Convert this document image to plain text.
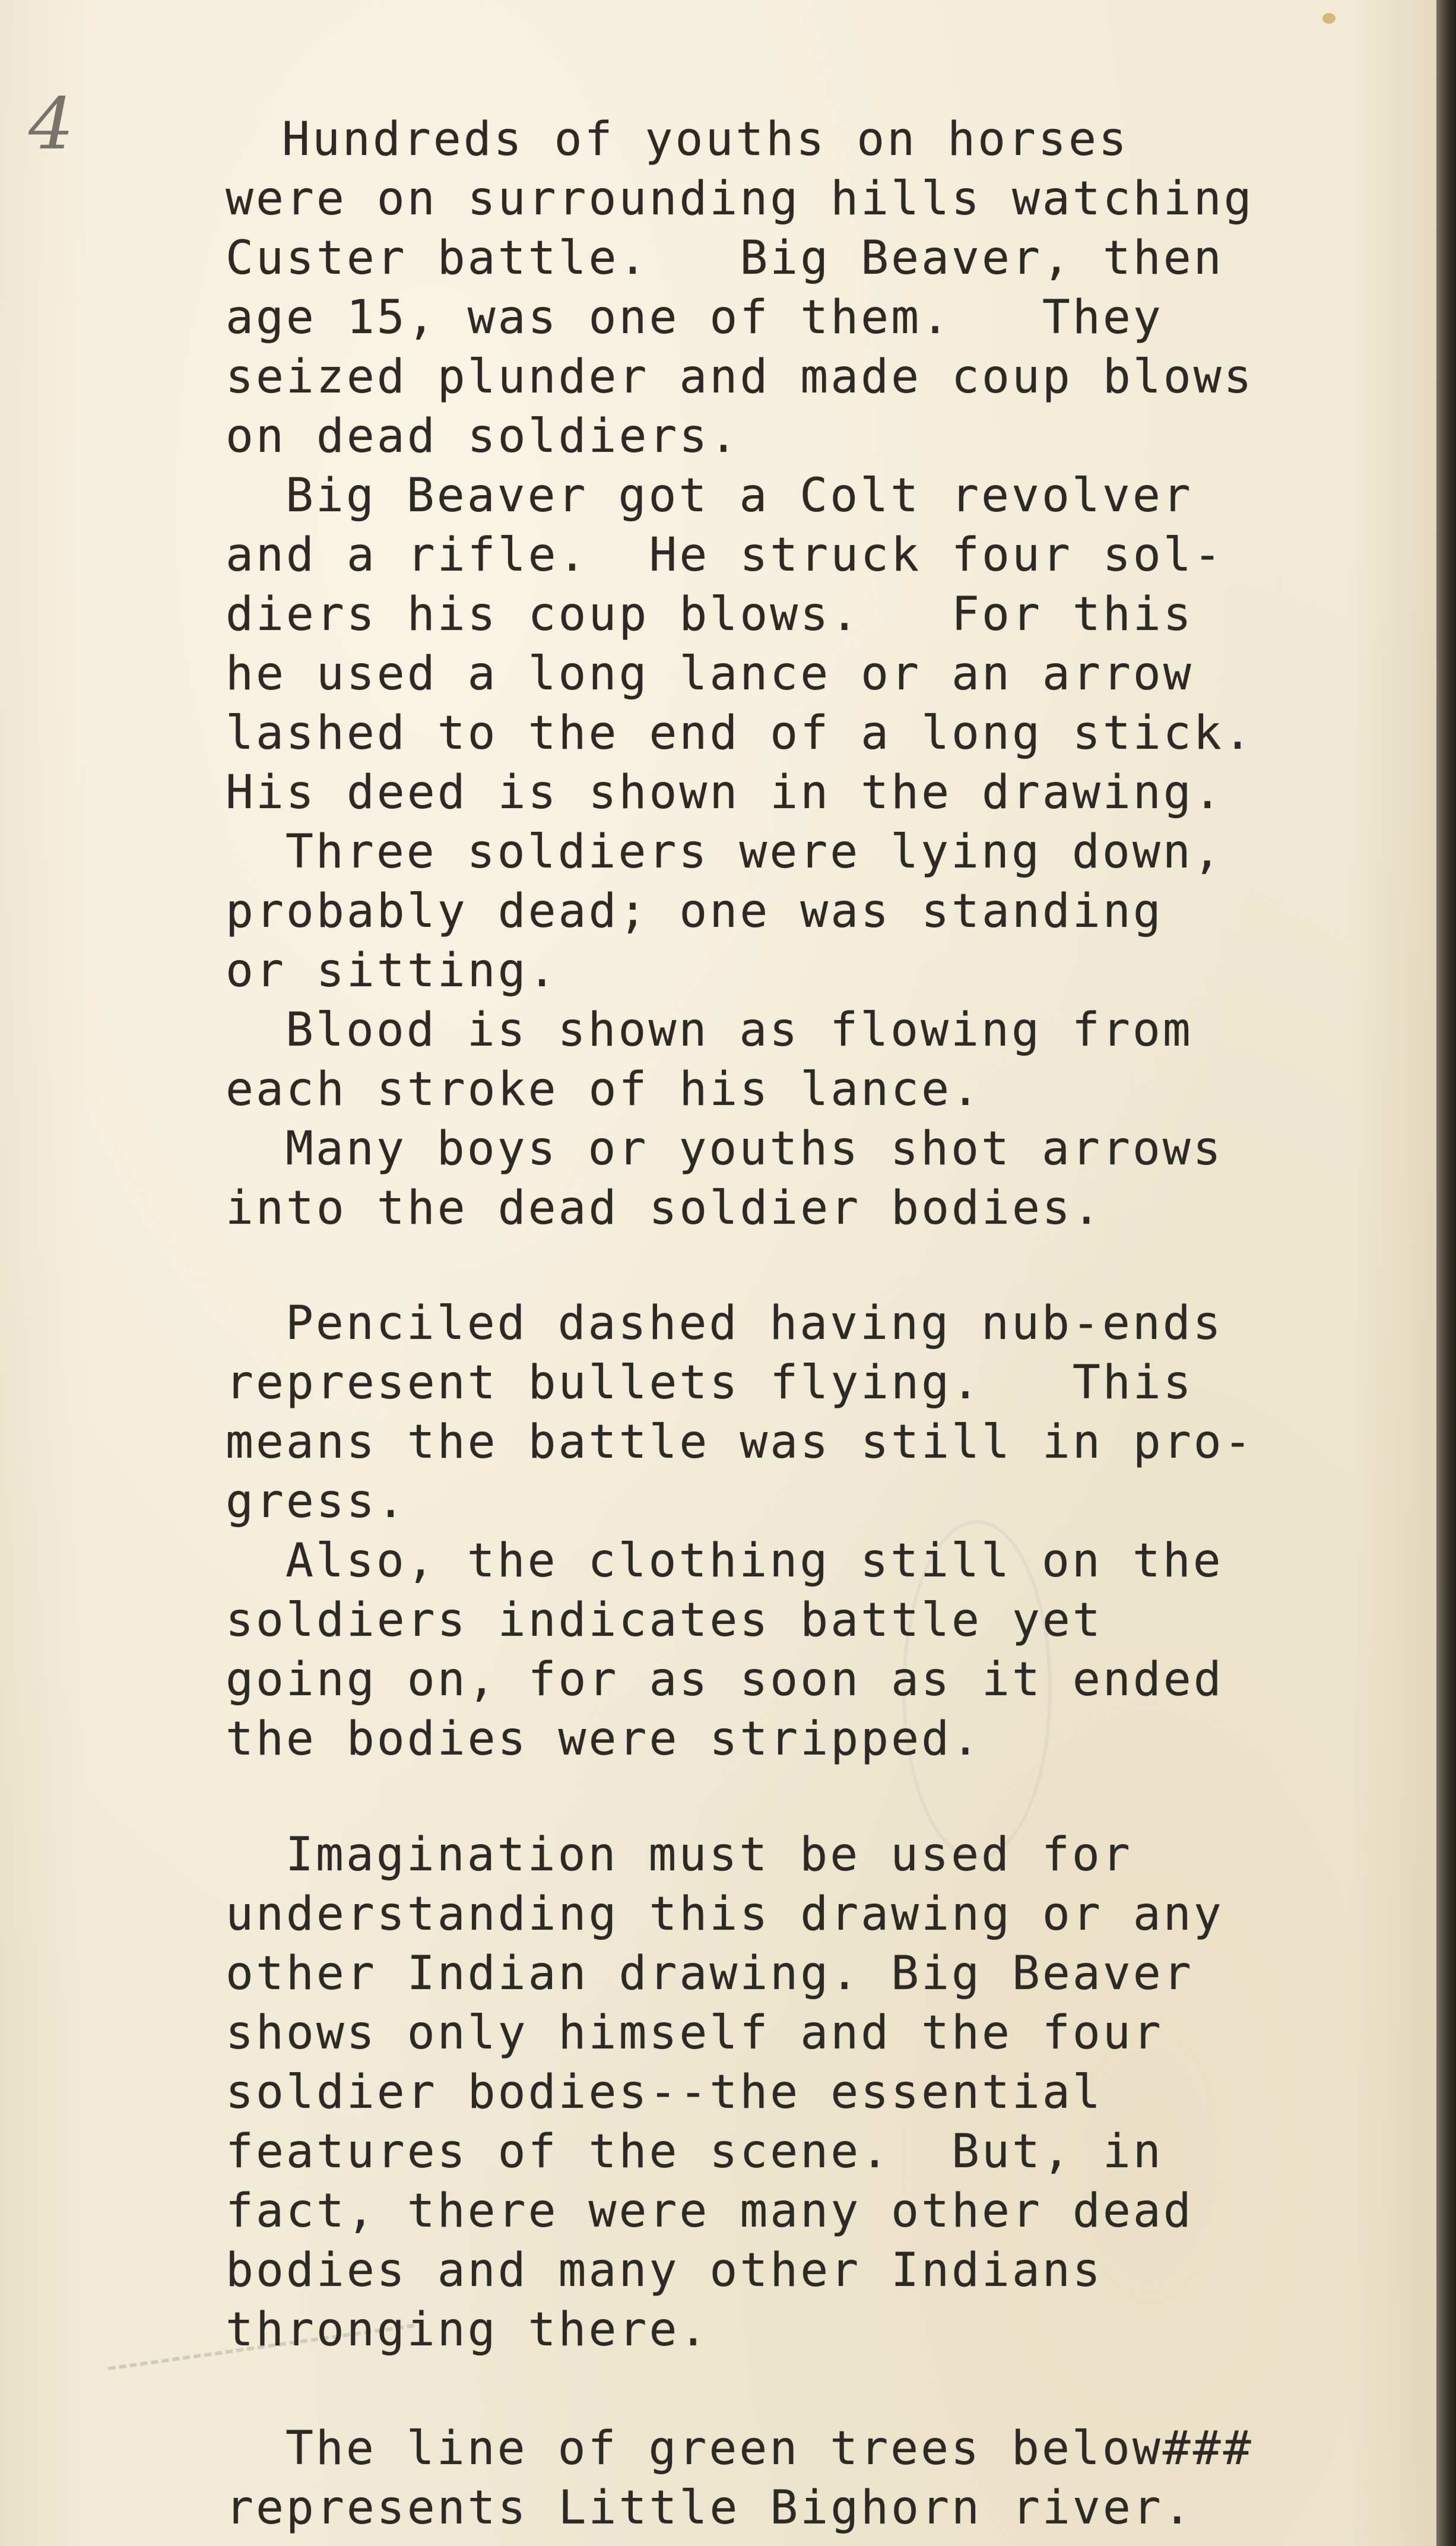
4	Hundreds of youths on horses
were on surrounding hills watching
Custer battle.   Big Beaver, then
age 15, was one of them.   They
seized plunder and made coup blows
on dead soldiers.
Big Beaver got a Colt revolver
and a rifle.  He struck four sol-
diers his coup blows.   For this
he used a long lance or an arrow
lashed to the end of a long stick.
His deed is shown in the drawing.
Three soldiers were lying down,
probably dead; one was standing
or sitting.
Blood is shown as flowing from
each stroke of his lance.
Many boys or youths shot arrows
into the dead soldier bodies.
Penciled dashed having nub-ends
represent bullets flying.   This
means the battle was still in pro-
gress.
Also, the clothing still on the
soldiers indicates battle yet
going on, for as soon as it ended
the bodies were stripped.
Imagination must be used for
understanding this drawing or any
other Indian drawing. Big Beaver
shows only himself and the four
soldier bodies--the essential
features of the scene.  But, in
fact, there were many other dead
bodies and many other Indians
thronging there.
The line of green trees below###
represents Little Bighorn river.
